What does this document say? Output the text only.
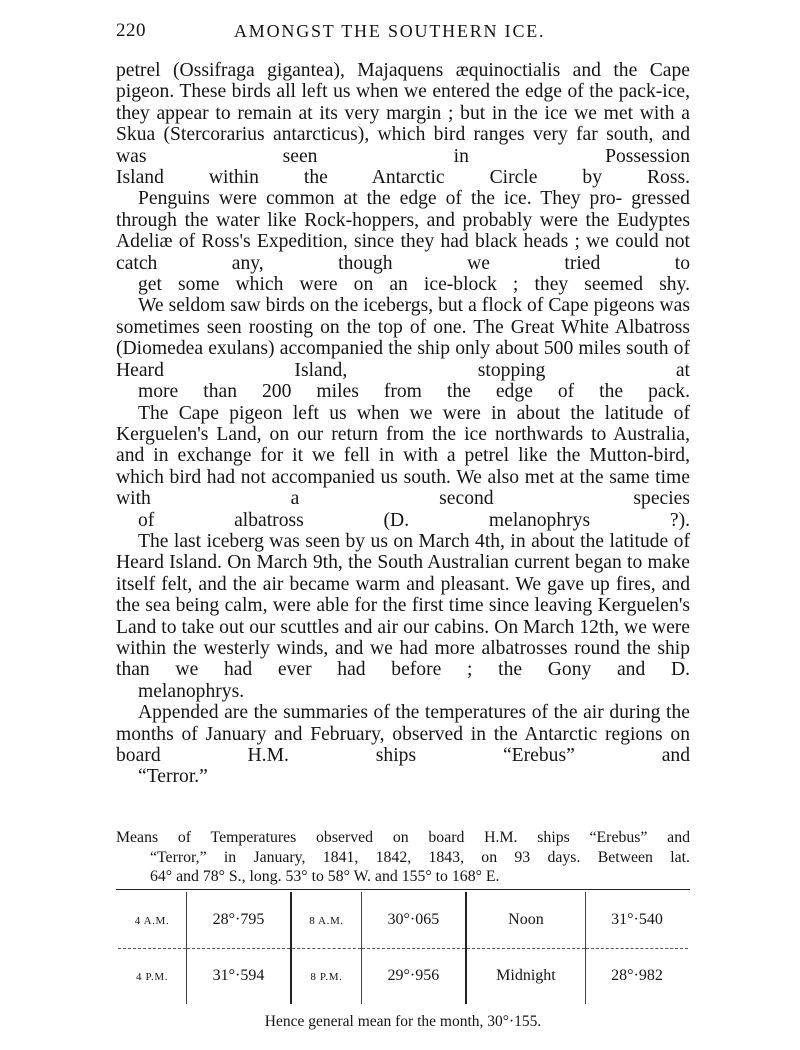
220	AMONGST THE SOUTHERN ICE.

petrel (Ossifraga gigantea), Majaquens æquinoctialis and the Cape pigeon. These birds all left us when we entered the edge of the pack-ice, they appear to remain at its very margin ; but in the ice we met with a Skua (Stercorarius antarcticus), which bird ranges very far south, and was seen in Possession
Island within the Antarctic Circle by Ross.

Penguins were common at the edge of the ice. They pro- gressed through the water like Rock-hoppers, and probably were the Eudyptes Adeliæ of Ross's Expedition, since they had black heads ; we could not catch any, though we tried to
get some which were on an ice-block ; they seemed shy.

We seldom saw birds on the icebergs, but a flock of Cape pigeons was sometimes seen roosting on the top of one. The Great White Albatross (Diomedea exulans) accompanied the ship only about 500 miles south of Heard Island, stopping at
more than 200 miles from the edge of the pack.

The Cape pigeon left us when we were in about the latitude of Kerguelen's Land, on our return from the ice northwards to Australia, and in exchange for it we fell in with a petrel like the Mutton-bird, which bird had not accompanied us south. We also met at the same time with a second species
of albatross (D. melanophrys ?).

The last iceberg was seen by us on March 4th, in about the latitude of Heard Island. On March 9th, the South Australian current began to make itself felt, and the air became warm and pleasant. We gave up fires, and the sea being calm, were able for the first time since leaving Kerguelen's Land to take out our scuttles and air our cabins. On March 12th, we were within the westerly winds, and we had more albatrosses round the ship than we had ever had before ; the Gony and D.
melanophrys.

Appended are the summaries of the temperatures of the air during the months of January and February, observed in the Antarctic regions on board H.M. ships “Erebus” and
“Terror.”

Means of Temperatures observed on board H.M. ships “Erebus” and
“Terror,” in January, 1841, 1842, 1843, on 93 days. Between lat.
64° and 78° S., long. 53° to 58° W. and 155° to 168° E.
4 A.M.	28°·795	8 A.M.	30°·065	Noon	31°·540
4 P.M.	31°·594	8 P.M.	29°·956	Midnight	28°·982
Hence general mean for the month, 30°·155.
